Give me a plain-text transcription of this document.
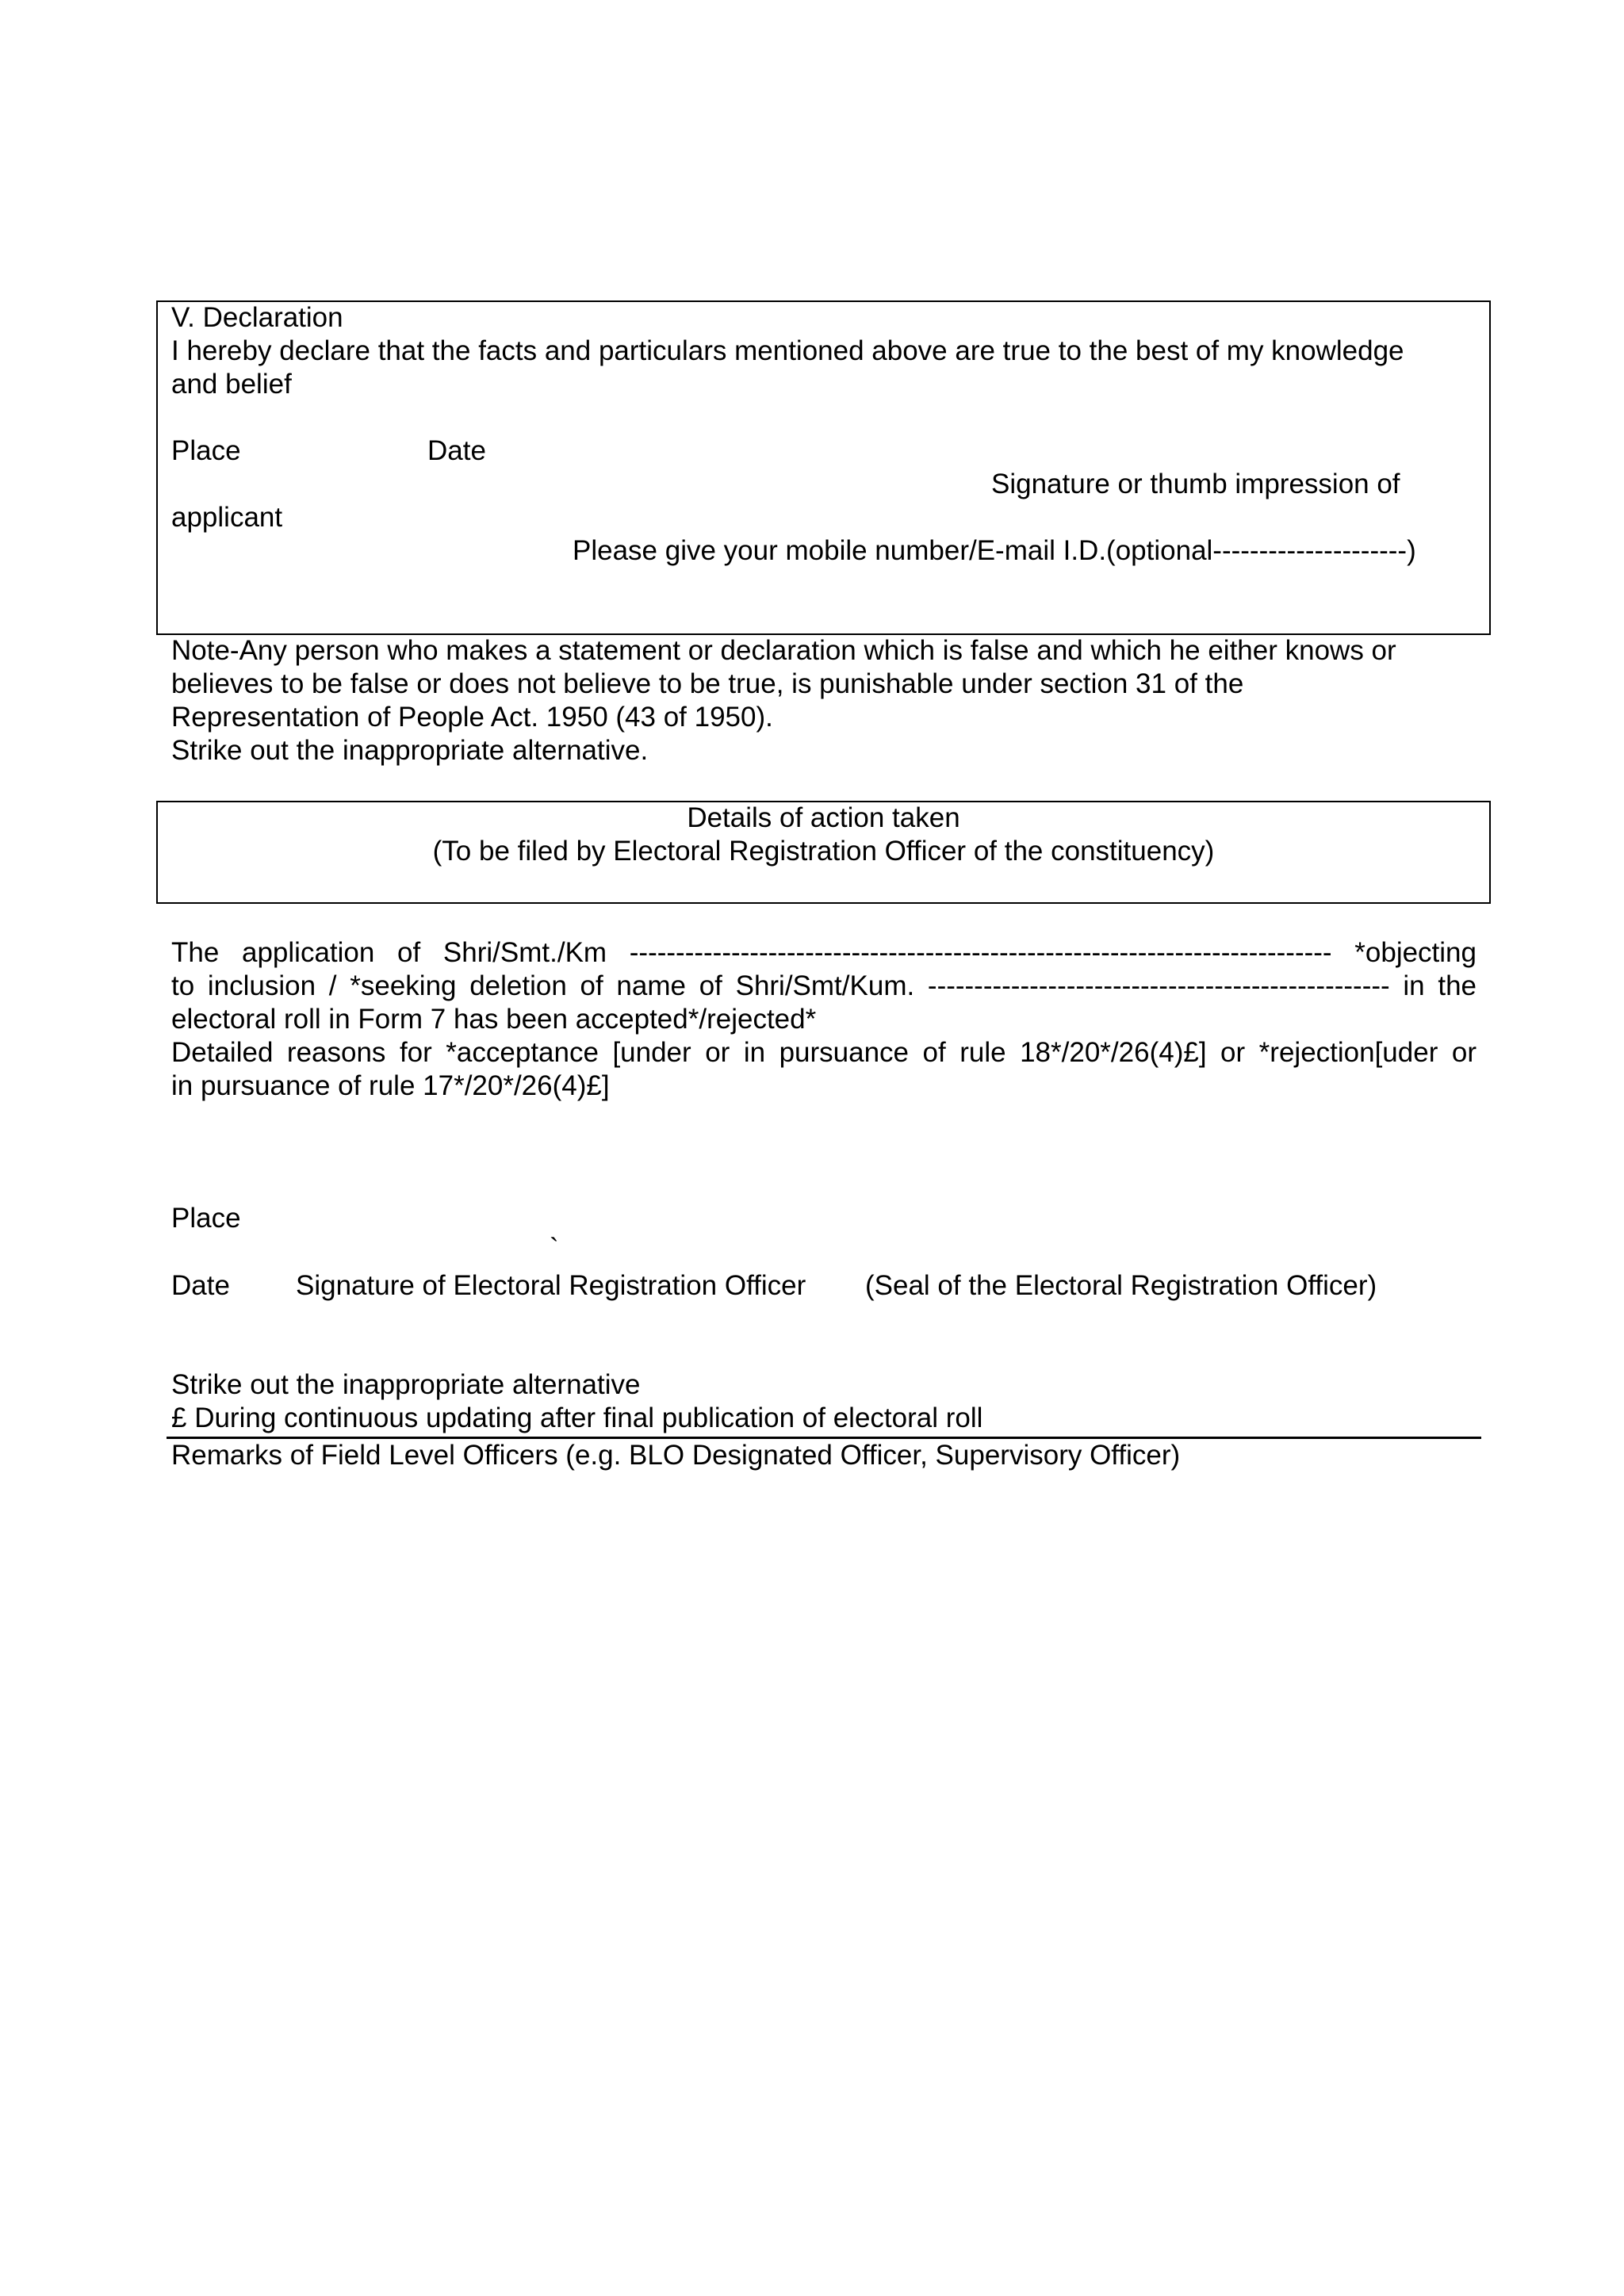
V. Declaration
I hereby declare that the facts and particulars mentioned above are true to the best of my knowledge
and belief
Place	Date
Signature or thumb impression of
applicant
Please give your mobile number/E-mail I.D.(optional---------------------)
Note-Any person who makes a statement or declaration which is false and which he either knows or
believes to be false or does not believe to be true, is punishable under section 31 of the
Representation of People Act. 1950 (43 of 1950).
Strike out the inappropriate alternative.
Details of action taken
(To be filed by Electoral Registration Officer of the constituency)
The application of Shri/Smt./Km ---------------------------------------------------------------------------- *objecting
to inclusion / *seeking deletion of name of Shri/Smt/Kum. -------------------------------------------------- in the
electoral roll in Form 7 has been accepted*/rejected*
Detailed reasons for *acceptance [under or in pursuance of rule 18*/20*/26(4)£] or *rejection[uder or
in pursuance of rule 17*/20*/26(4)£]
Place
`
Date Signature of Electoral Registration Officer (Seal of the Electoral Registration Officer)
Strike out the inappropriate alternative
£ During continuous updating after final publication of electoral roll
Remarks of Field Level Officers (e.g. BLO Designated Officer, Supervisory Officer)
